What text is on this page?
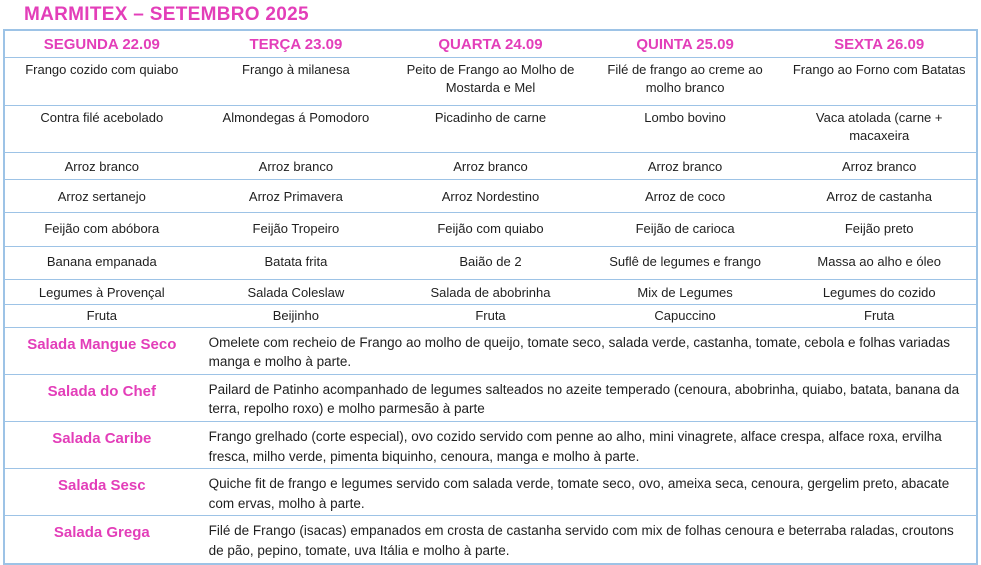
MARMITEX – SETEMBRO 2025
SEGUNDA 22.09	TERÇA 23.09	QUARTA 24.09	QUINTA 25.09	SEXTA 26.09
Frango cozido com quiabo	Frango à milanesa	Peito de Frango ao Molho de Mostarda e Mel	Filé de frango ao creme ao molho branco	Frango ao Forno com Batatas
Contra filé acebolado	Almondegas á Pomodoro	Picadinho de carne	Lombo bovino	Vaca atolada (carne + macaxeira
Arroz branco	Arroz branco	Arroz branco	Arroz branco	Arroz branco
Arroz sertanejo	Arroz Primavera	Arroz Nordestino	Arroz de coco	Arroz de castanha
Feijão com abóbora	Feijão Tropeiro	Feijão com quiabo	Feijão de carioca	Feijão preto
Banana empanada	Batata frita	Baião de 2	Suflê de legumes e frango	Massa ao alho e óleo
Legumes à Provençal	Salada Coleslaw	Salada de abobrinha	Mix de Legumes	Legumes do cozido
Fruta	Beijinho	Fruta	Capuccino	Fruta
Salada Mangue Seco	Omelete com recheio de Frango ao molho de queijo, tomate seco, salada verde, castanha, tomate, cebola e folhas variadas manga e molho à parte.			
Salada do Chef	Pailard de Patinho acompanhado de legumes salteados no azeite temperado (cenoura, abobrinha, quiabo, batata, banana da terra, repolho roxo) e molho parmesão à parte			
Salada Caribe	Frango grelhado (corte especial), ovo cozido servido com penne ao alho, mini vinagrete, alface crespa, alface roxa, ervilha fresca, milho verde, pimenta biquinho, cenoura, manga e molho à parte.			
Salada Sesc	Quiche fit de frango e legumes servido com salada verde, tomate seco, ovo, ameixa seca, cenoura, gergelim preto, abacate com ervas, molho à parte.			
Salada Grega	Filé de Frango (isacas) empanados em crosta de castanha servido com mix de folhas cenoura e beterraba raladas, croutons de pão, pepino, tomate, uva Itália e molho à parte.			
